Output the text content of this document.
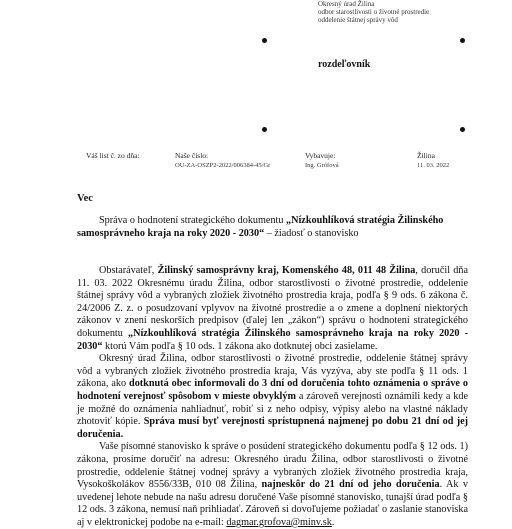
Okresný úrad Žilina
odbor starostlivosti o životné prostredie
oddelenie štátnej správy vôd
rozdeľovník
Váš list č. zo dňa:	Naše číslo:
OU-ZA-OSZP2-2022/006384-45/Gr
Vybavuje:
Ing. Grófová
Žilina
11. 03. 2022
Vec
Správa o hodnotení strategického dokumentu „Nízkouhlíková stratégia Žilinského
samosprávneho kraja na roky 2020 - 2030“ – žiadosť o stanovisko

Obstarávateľ, Žilinský samosprávny kraj, Komenského 48, 011 48 Žilina, doručil dňa 11. 03. 2022 Okresnému úradu Žilina, odbor starostlivosti o životné prostredie, oddelenie štátnej správy vôd a vybraných zložiek životného prostredia kraja, podľa § 9 ods. 6 zákona č. 24/2006 Z. z. o posudzovaní vplyvov na životné prostredie a o zmene a doplnení niektorých zákonov v znení neskorších predpisov (ďalej len „zákon“) správu o hodnotení strategického dokumentu „Nízkouhlíková stratégia Žilinského samosprávneho kraja na roky 2020 - 2030“ ktorú Vám podľa § 10 ods. 1 zákona ako dotknutej obci zasielame.

Okresný úrad Žilina, odbor starostlivosti o životné prostredie, oddelenie štátnej správy vôd a vybraných zložiek životného prostredia kraja, Vás vyzýva, aby ste podľa § 11 ods. 1 zákona, ako dotknutá obec informovali do 3 dní od doručenia tohto oznámenia o správe o hodnotení verejnosť spôsobom v mieste obvyklým a zároveň verejnosti oznámili kedy a kde je možné do oznámenia nahliadnuť, robiť si z neho odpisy, výpisy alebo na vlastné náklady zhotoviť kópie. Správa musí byť verejnosti sprístupnená najmenej po dobu 21 dní od jej doručenia.

Vaše písomné stanovisko k správe o posúdení strategického dokumentu podľa § 12 ods. 1) zákona, prosíme doručiť na adresu: Okresného úradu Žilina, odbor starostlivosti o životné prostredie, oddelenie štátnej vodnej správy a vybraných zložiek životného prostredia kraja, Vysokoškolákov 8556/33B, 010 08 Žilina, najneskôr do 21 dní od jeho doručenia. Ak v uvedenej lehote nebude na našu adresu doručené Vaše písomné stanovisko, tunajší úrad podľa § 12 ods. 3 zákona, nemusí naň prihliadať. Zároveň si dovoľujeme požiadať o zaslanie stanoviska aj v elektronickej podobe na e-mail: dagmar.grofova@minv.sk.
